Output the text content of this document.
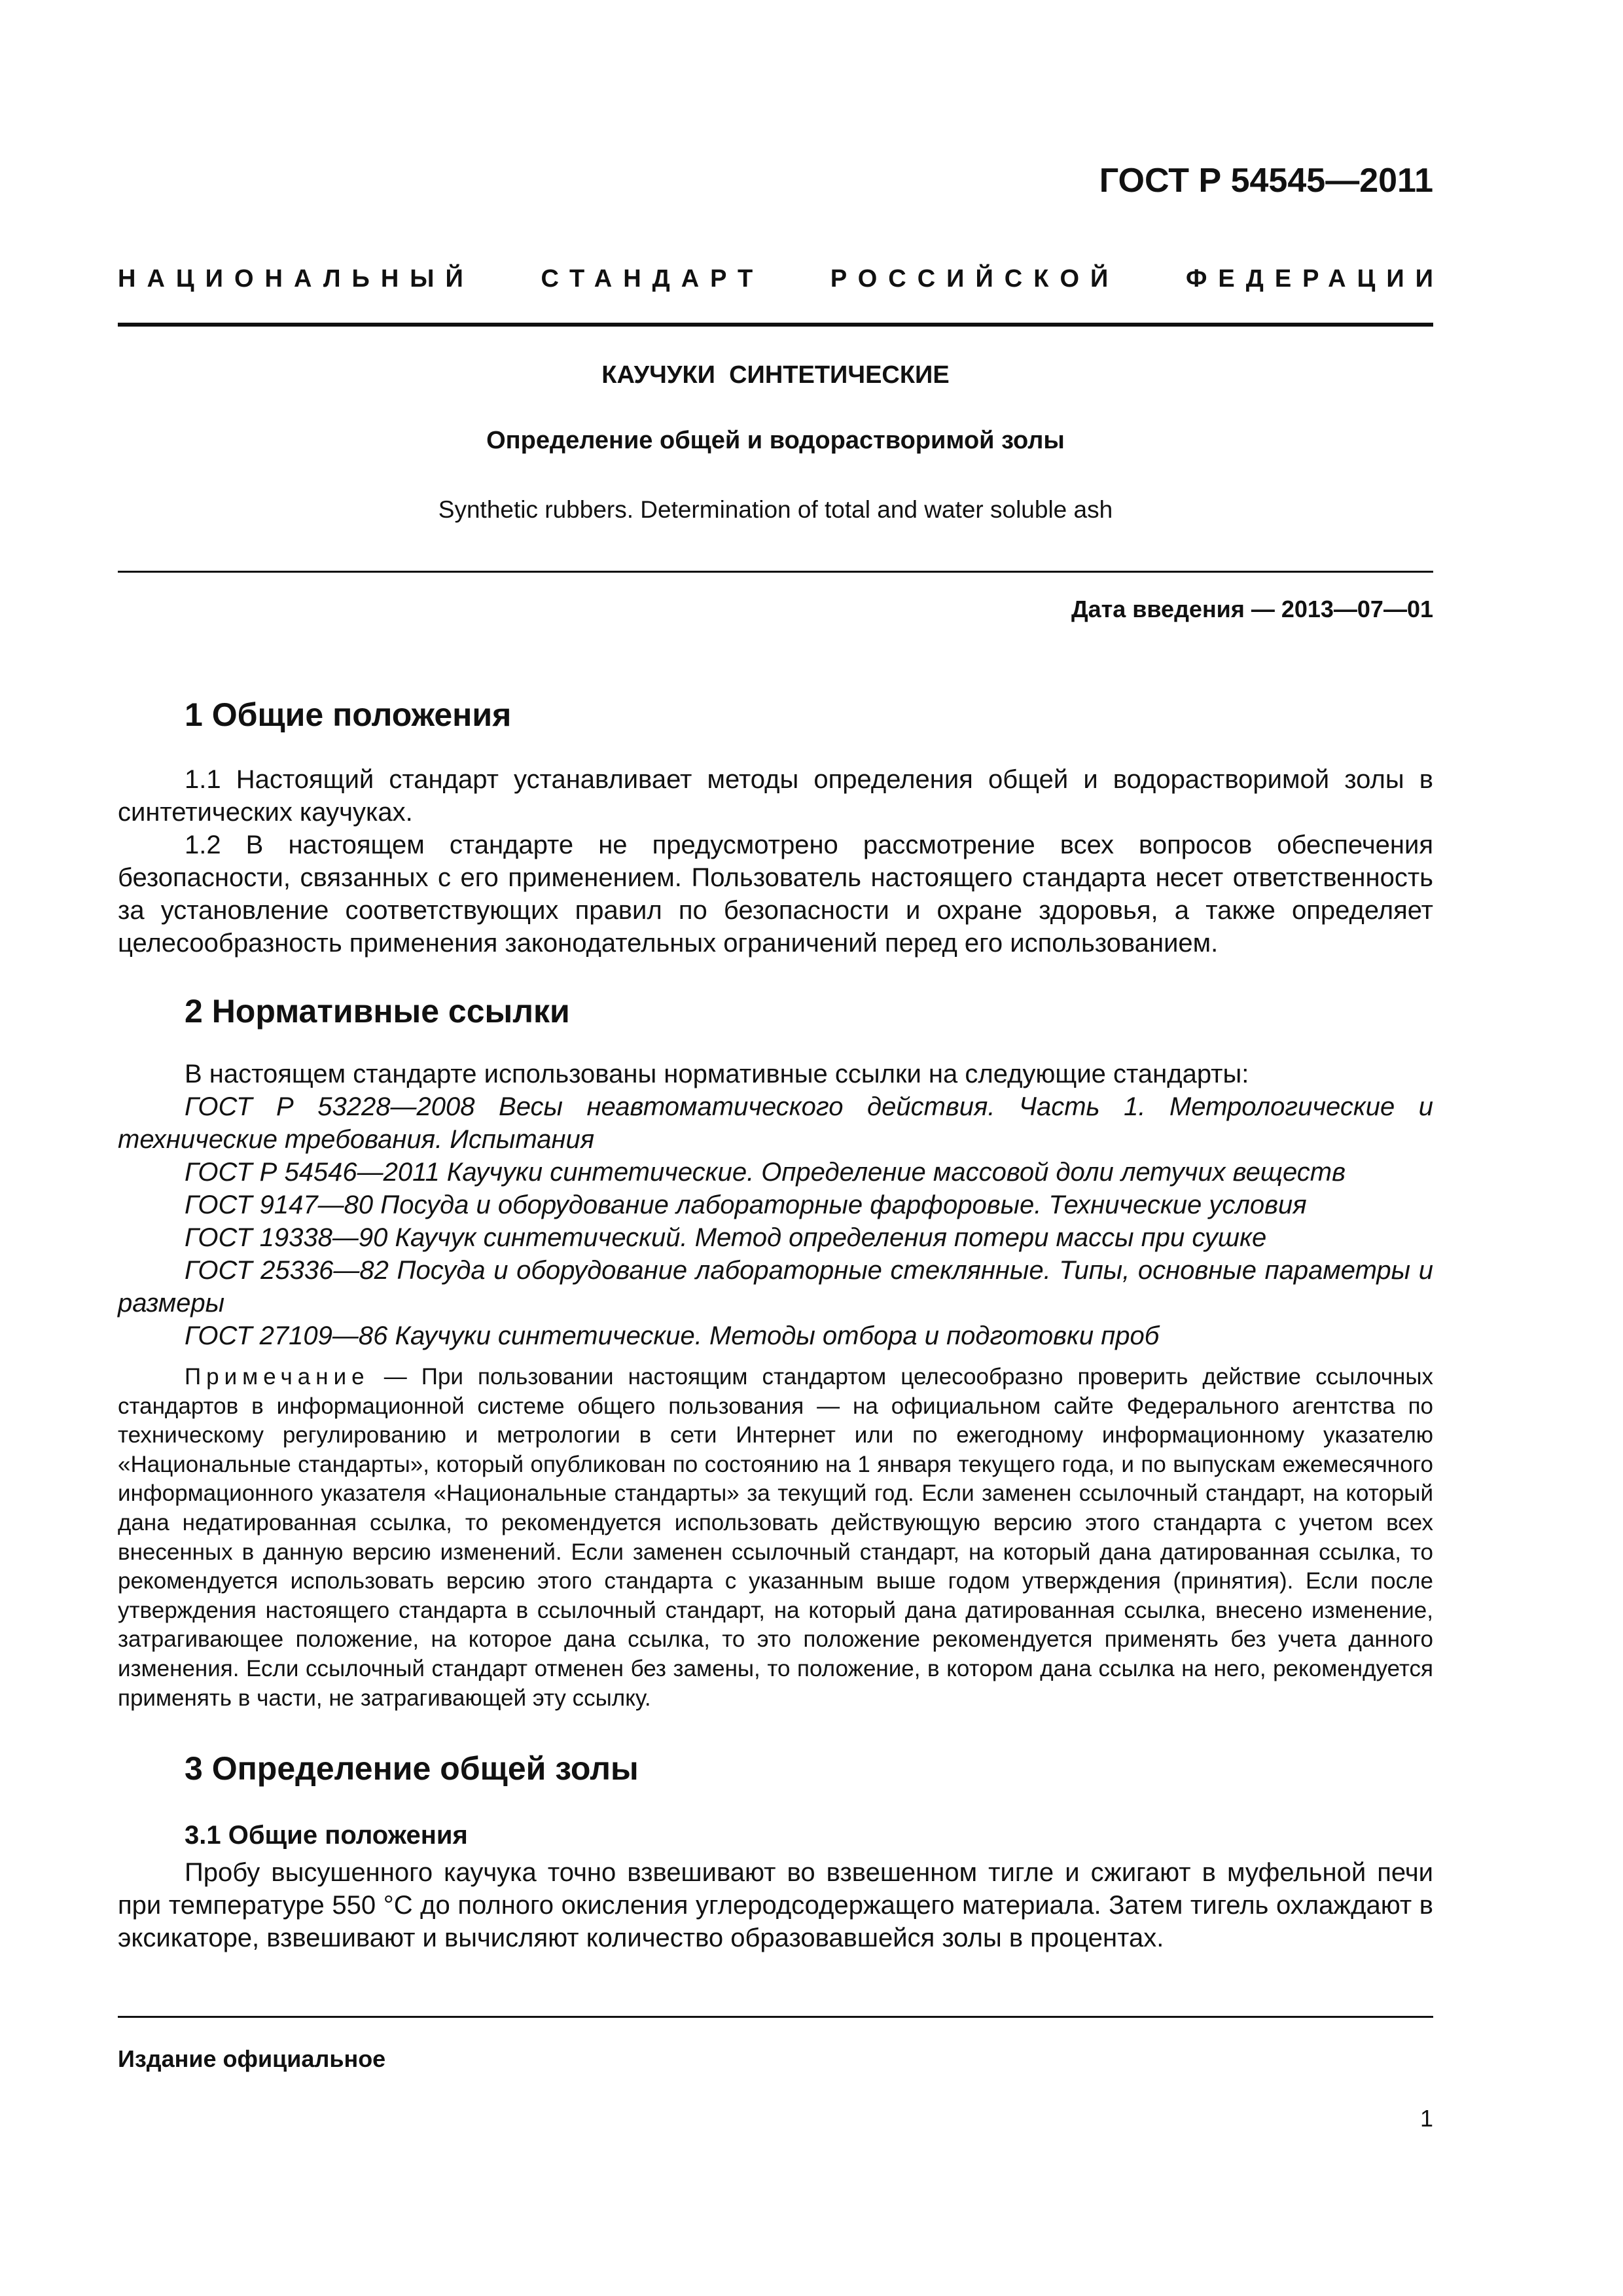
ГОСТ Р 54545—2011
НАЦИОНАЛЬНЫЙ	СТАНДАРТ	РОССИЙСКОЙ	ФЕДЕРАЦИИ
КАУЧУКИ  СИНТЕТИЧЕСКИЕ
Определение общей и водорастворимой золы
Synthetic rubbers. Determination of total and water soluble ash
Дата введения — 2013—07—01
1 Общие положения
1.1 Настоящий стандарт устанавливает методы определения общей и водорастворимой золы в синтетических каучуках.
1.2 В настоящем стандарте не предусмотрено рассмотрение всех вопросов обеспечения безопасности, связанных с его применением. Пользователь настоящего стандарта несет ответственность за установление соответствующих правил по безопасности и охране здоровья, а также определяет целесообразность применения законодательных ограничений перед его использованием.
2 Нормативные ссылки
В настоящем стандарте использованы нормативные ссылки на следующие стандарты:
ГОСТ Р 53228—2008 Весы неавтоматического действия. Часть 1. Метрологические и технические требования. Испытания
ГОСТ Р 54546—2011 Каучуки синтетические. Определение массовой доли летучих веществ
ГОСТ 9147—80 Посуда и оборудование лабораторные фарфоровые. Технические условия
ГОСТ 19338—90 Каучук синтетический. Метод определения потери массы при сушке
ГОСТ 25336—82 Посуда и оборудование лабораторные стеклянные. Типы, основные параметры и размеры
ГОСТ 27109—86 Каучуки синтетические. Методы отбора и подготовки проб
Примечание — При пользовании настоящим стандартом целесообразно проверить действие ссылочных стандартов в информационной системе общего пользования — на официальном сайте Федерального агентства по техническому регулированию и метрологии в сети Интернет или по ежегодному информационному указателю «Национальные стандарты», который опубликован по состоянию на 1 января текущего года, и по выпускам ежемесячного информационного указателя «Национальные стандарты» за текущий год. Если заменен ссылочный стандарт, на который дана недатированная ссылка, то рекомендуется использовать действующую версию этого стандарта с учетом всех внесенных в данную версию изменений. Если заменен ссылочный стандарт, на который дана датированная ссылка, то рекомендуется использовать версию этого стандарта с указанным выше годом утверждения (принятия). Если после утверждения настоящего стандарта в ссылочный стандарт, на который дана датированная ссылка, внесено изменение, затрагивающее положение, на которое дана ссылка, то это положение рекомендуется применять без учета данного изменения. Если ссылочный стандарт отменен без замены, то положение, в котором дана ссылка на него, рекомендуется применять в части, не затрагивающей эту ссылку.
3 Определение общей золы
3.1 Общие положения
Пробу высушенного каучука точно взвешивают во взвешенном тигле и сжигают в муфельной печи при температуре 550 °С до полного окисления углеродсодержащего материала. Затем тигель охлаждают в эксикаторе, взвешивают и вычисляют количество образовавшейся золы в процентах.
Издание официальное
1
